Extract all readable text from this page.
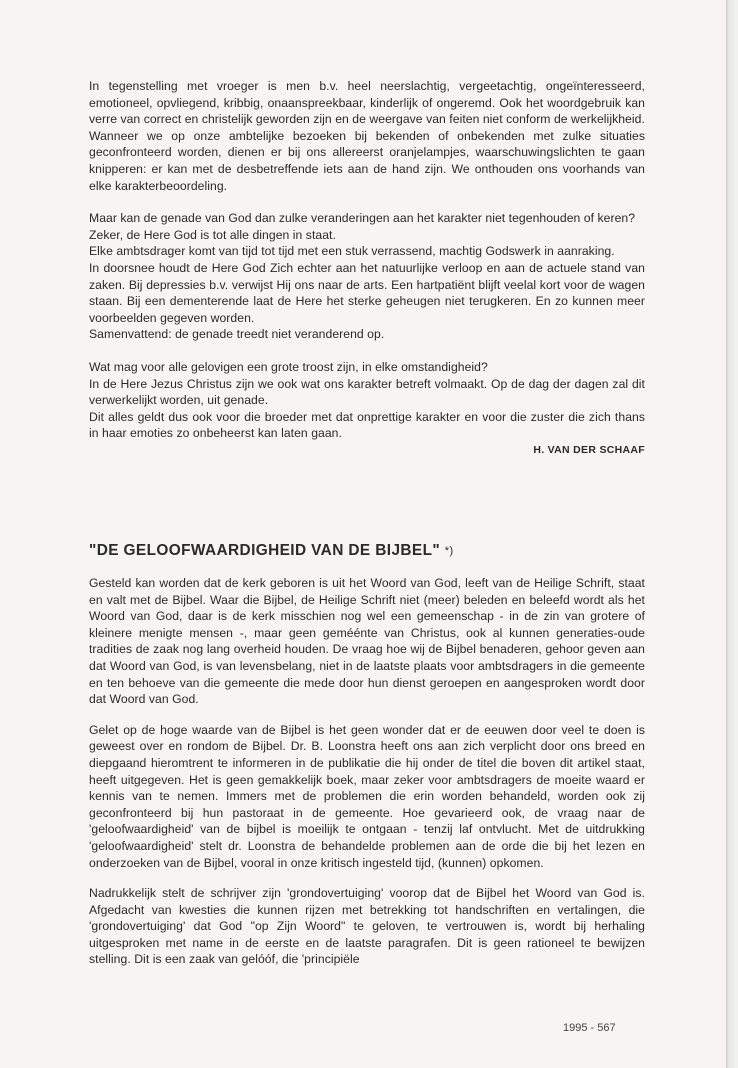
In tegenstelling met vroeger is men b.v. heel neerslachtig, vergeetachtig, ongeïnteresseerd, emotioneel, opvliegend, kribbig, onaanspreekbaar, kinderlijk of ongeremd. Ook het woordgebruik kan verre van correct en christelijk geworden zijn en de weergave van feiten niet conform de werkelijkheid.

Wanneer we op onze ambtelijke bezoeken bij bekenden of onbekenden met zulke situaties geconfronteerd worden, dienen er bij ons allereerst oranjelampjes, waarschuwingslichten te gaan knipperen: er kan met de desbetreffende iets aan de hand zijn. We onthouden ons voorhands van elke karakterbeoordeling.

Maar kan de genade van God dan zulke veranderingen aan het karakter niet tegenhouden of keren?

Zeker, de Here God is tot alle dingen in staat.

Elke ambtsdrager komt van tijd tot tijd met een stuk verrassend, machtig Godswerk in aanraking.

In doorsnee houdt de Here God Zich echter aan het natuurlijke verloop en aan de actuele stand van zaken. Bij depressies b.v. verwijst Hij ons naar de arts. Een hartpatiënt blijft veelal kort voor de wagen staan. Bij een dementerende laat de Here het sterke geheugen niet terugkeren. En zo kunnen meer voorbeelden gegeven worden.

Samenvattend: de genade treedt niet veranderend op.

Wat mag voor alle gelovigen een grote troost zijn, in elke omstandigheid?

In de Here Jezus Christus zijn we ook wat ons karakter betreft volmaakt. Op de dag der dagen zal dit verwerkelijkt worden, uit genade.

Dit alles geldt dus ook voor die broeder met dat onprettige karakter en voor die zuster die zich thans in haar emoties zo onbeheerst kan laten gaan.

H. VAN DER SCHAAF
"DE GELOOFWAARDIGHEID VAN DE BIJBEL" *)

Gesteld kan worden dat de kerk geboren is uit het Woord van God, leeft van de Heilige Schrift, staat en valt met de Bijbel. Waar die Bijbel, de Heilige Schrift niet (meer) beleden en beleefd wordt als het Woord van God, daar is de kerk misschien nog wel een gemeenschap - in de zin van grotere of kleinere menigte mensen -, maar geen geméénte van Christus, ook al kunnen generaties-oude tradities de zaak nog lang overheid houden. De vraag hoe wij de Bijbel benaderen, gehoor geven aan dat Woord van God, is van levensbelang, niet in de laatste plaats voor ambtsdragers in die gemeente en ten behoeve van die gemeente die mede door hun dienst geroepen en aangesproken wordt door dat Woord van God.

Gelet op de hoge waarde van de Bijbel is het geen wonder dat er de eeuwen door veel te doen is geweest over en rondom de Bijbel. Dr. B. Loonstra heeft ons aan zich verplicht door ons breed en diepgaand hieromtrent te informeren in de publikatie die hij onder de titel die boven dit artikel staat, heeft uitgegeven. Het is geen gemakkelijk boek, maar zeker voor ambtsdragers de moeite waard er kennis van te nemen. Immers met de problemen die erin worden behandeld, worden ook zij geconfronteerd bij hun pastoraat in de gemeente. Hoe gevarieerd ook, de vraag naar de 'geloofwaardigheid' van de bijbel is moeilijk te ontgaan - tenzij laf ontvlucht. Met de uitdrukking 'geloofwaardigheid' stelt dr. Loonstra de behandelde problemen aan de orde die bij het lezen en onderzoeken van de Bijbel, vooral in onze kritisch ingesteld tijd, (kunnen) opkomen.

Nadrukkelijk stelt de schrijver zijn 'grondovertuiging' voorop dat de Bijbel het Woord van God is. Afgedacht van kwesties die kunnen rijzen met betrekking tot handschriften en vertalingen, die 'grondovertuiging' dat God "op Zijn Woord" te geloven, te vertrouwen is, wordt bij herhaling uitgesproken met name in de eerste en de laatste paragrafen. Dit is geen rationeel te bewijzen stelling. Dit is een zaak van gelóóf, die 'principiële

1995 - 567
